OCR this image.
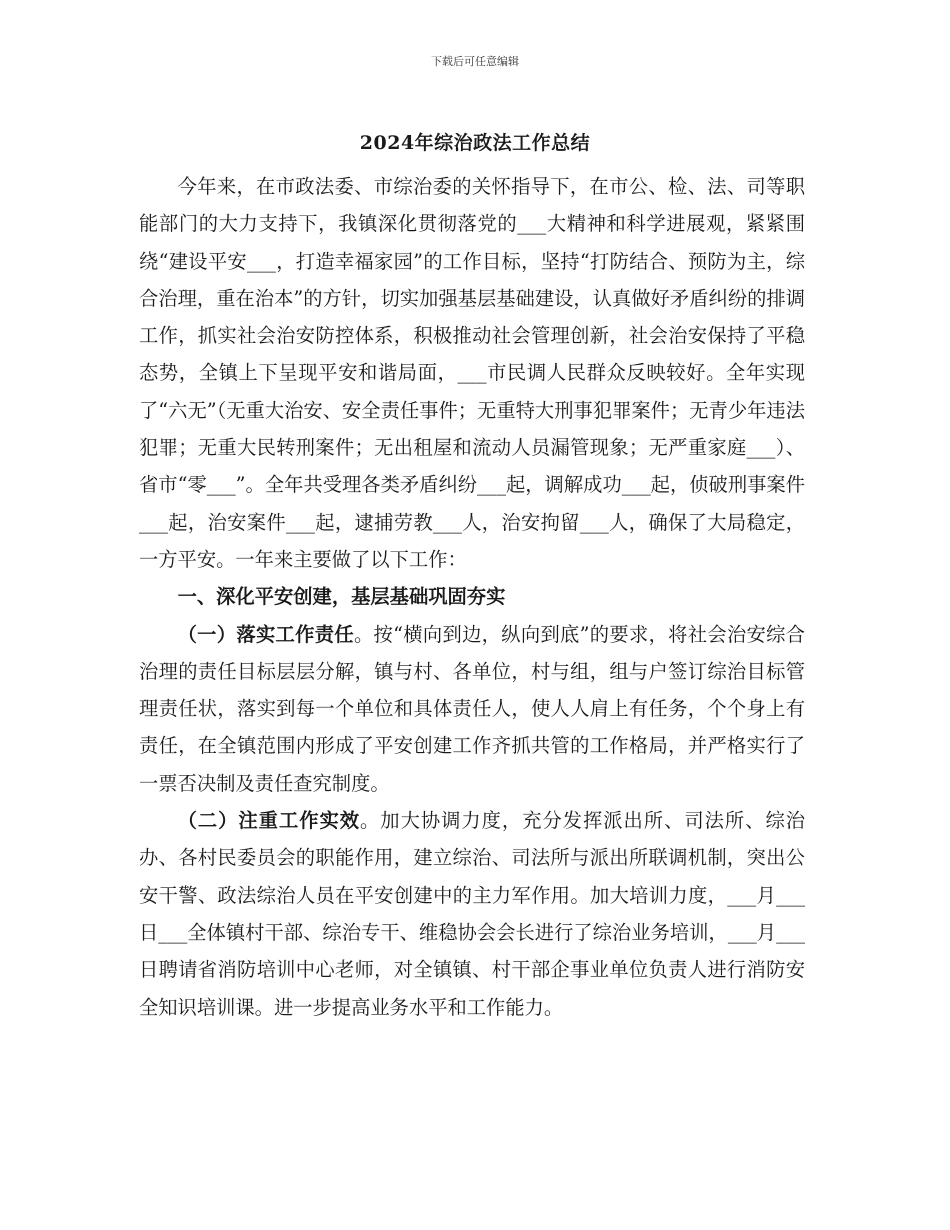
下载后可任意编辑
2024年综治政法工作总结

今年来，在市政法委、市综治委的关怀指导下，在市公、检、法、司等职能部门的大力支持下，我镇深化贯彻落党的___大精神和科学进展观，紧紧围绕“建设平安___，打造幸福家园”的工作目标，坚持“打防结合、预防为主，综合治理，重在治本”的方针，切实加强基层基础建设，认真做好矛盾纠纷的排调工作，抓实社会治安防控体系，积极推动社会管理创新，社会治安保持了平稳态势，全镇上下呈现平安和谐局面，___市民调人民群众反映较好。全年实现了“六无”（无重大治安、安全责任事件；无重特大刑事犯罪案件；无青少年违法犯罪；无重大民转刑案件；无出租屋和流动人员漏管现象；无严重家庭___）、省市“零___”。全年共受理各类矛盾纠纷___起，调解成功___起，侦破刑事案件___起，治安案件___起，逮捕劳教___人，治安拘留___人，确保了大局稳定，一方平安。一年来主要做了以下工作：

一、深化平安创建，基层基础巩固夯实

（一）落实工作责任。按“横向到边，纵向到底”的要求，将社会治安综合治理的责任目标层层分解，镇与村、各单位，村与组，组与户签订综治目标管理责任状，落实到每一个单位和具体责任人，使人人肩上有任务，个个身上有责任，在全镇范围内形成了平安创建工作齐抓共管的工作格局，并严格实行了一票否决制及责任查究制度。

（二）注重工作实效。加大协调力度，充分发挥派出所、司法所、综治办、各村民委员会的职能作用，建立综治、司法所与派出所联调机制，突出公安干警、政法综治人员在平安创建中的主力军作用。加大培训力度，___月___日___全体镇村干部、综治专干、维稳协会会长进行了综治业务培训，___月___日聘请省消防培训中心老师，对全镇镇、村干部企事业单位负责人进行消防安全知识培训课。进一步提高业务水平和工作能力。
